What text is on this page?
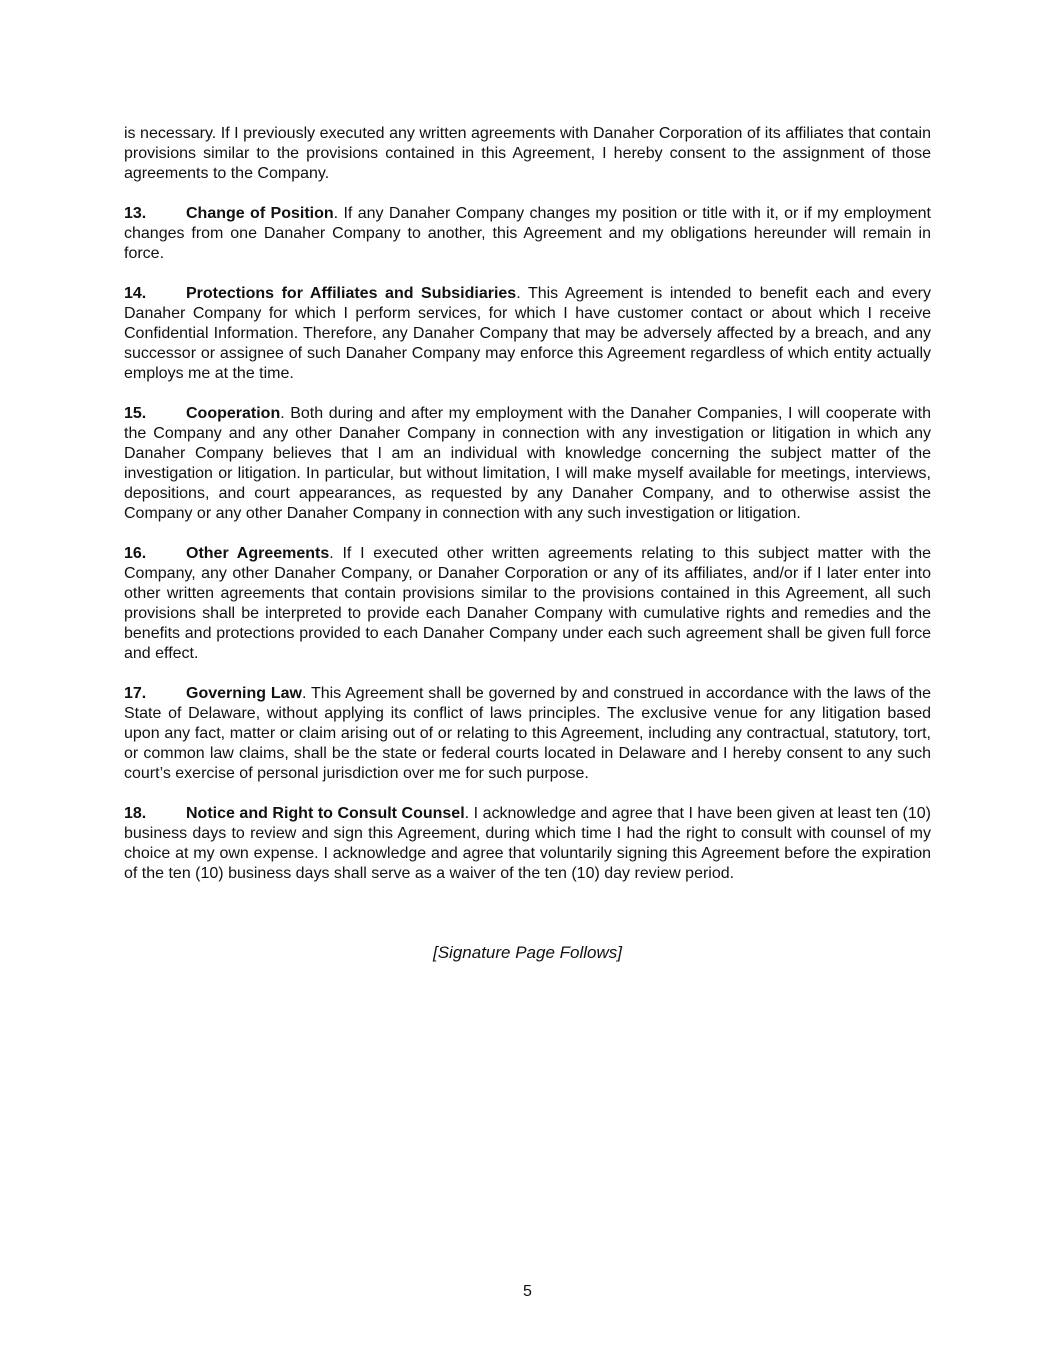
is necessary. If I previously executed any written agreements with Danaher Corporation of its affiliates that contain provisions similar to the provisions contained in this Agreement, I hereby consent to the assignment of those agreements to the Company.

13. Change of Position. If any Danaher Company changes my position or title with it, or if my employment changes from one Danaher Company to another, this Agreement and my obligations hereunder will remain in force.

14. Protections for Affiliates and Subsidiaries. This Agreement is intended to benefit each and every Danaher Company for which I perform services, for which I have customer contact or about which I receive Confidential Information. Therefore, any Danaher Company that may be adversely affected by a breach, and any successor or assignee of such Danaher Company may enforce this Agreement regardless of which entity actually employs me at the time.

15. Cooperation. Both during and after my employment with the Danaher Companies, I will cooperate with the Company and any other Danaher Company in connection with any investigation or litigation in which any Danaher Company believes that I am an individual with knowledge concerning the subject matter of the investigation or litigation. In particular, but without limitation, I will make myself available for meetings, interviews, depositions, and court appearances, as requested by any Danaher Company, and to otherwise assist the Company or any other Danaher Company in connection with any such investigation or litigation.

16. Other Agreements. If I executed other written agreements relating to this subject matter with the Company, any other Danaher Company, or Danaher Corporation or any of its affiliates, and/or if I later enter into other written agreements that contain provisions similar to the provisions contained in this Agreement, all such provisions shall be interpreted to provide each Danaher Company with cumulative rights and remedies and the benefits and protections provided to each Danaher Company under each such agreement shall be given full force and effect.

17. Governing Law. This Agreement shall be governed by and construed in accordance with the laws of the State of Delaware, without applying its conflict of laws principles. The exclusive venue for any litigation based upon any fact, matter or claim arising out of or relating to this Agreement, including any contractual, statutory, tort, or common law claims, shall be the state or federal courts located in Delaware and I hereby consent to any such court’s exercise of personal jurisdiction over me for such purpose.

18. Notice and Right to Consult Counsel. I acknowledge and agree that I have been given at least ten (10) business days to review and sign this Agreement, during which time I had the right to consult with counsel of my choice at my own expense. I acknowledge and agree that voluntarily signing this Agreement before the expiration of the ten (10) business days shall serve as a waiver of the ten (10) day review period.

[Signature Page Follows]
5
